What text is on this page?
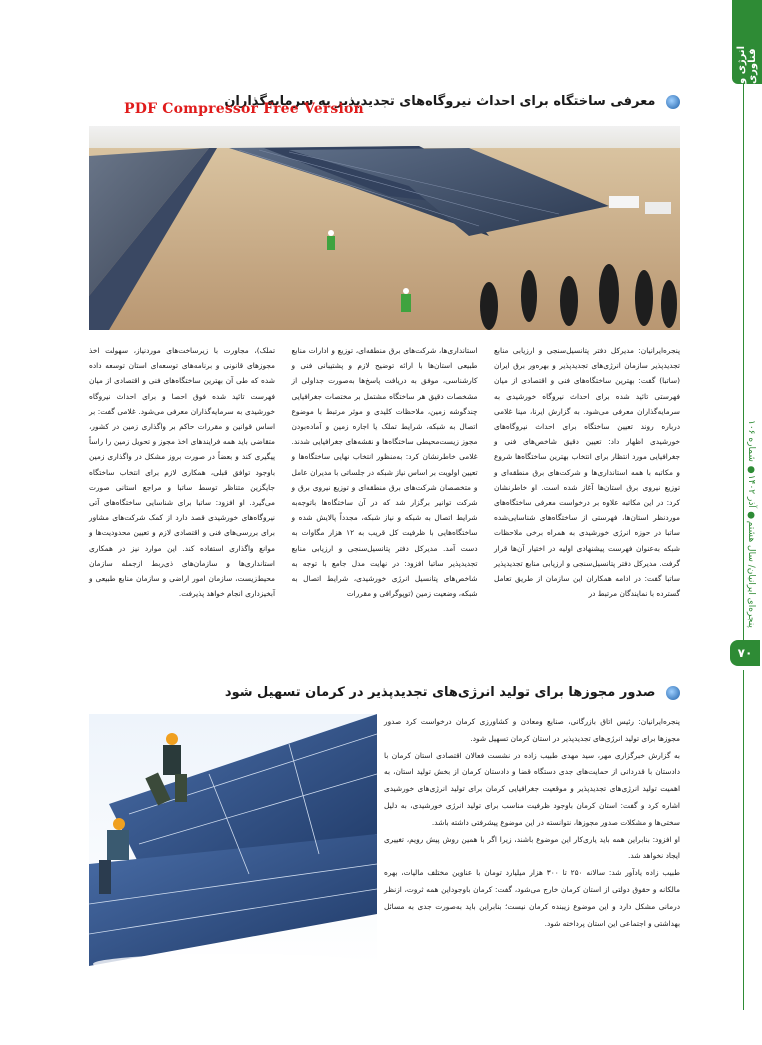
انرژی و فناوری
پنجره‌ای ایرانیان/ سال هشتم● آذر ۱۴۰۲● شماره ۱۰۶
۷۰
معرفی ساختگاه برای احداث نیروگاه‌های تجدیدپذیر به سرمایه‌گذاران
PDF Compressor Free Version

پنجره‌ایرانیان: مدیرکل دفتر پتانسیل‌سنجی و ارزیابی منابع تجدیدپذیر سازمان انرژی‌های تجدیدپذیر و بهره‌ور برق ایران (ساتبا) گفت: بهترین ساختگاه‌های فنی و اقتصادی از میان فهرستی تائید شده برای احداث نیروگاه خورشیدی به سرمایه‌گذاران معرفی می‌شود. به گزارش ایرنا، مینا غلامی درباره روند تعیین ساختگاه برای احداث نیروگاه‌های خورشیدی اظهار داد: تعیین دقیق شاخص‌های فنی و جغرافیایی مورد انتظار برای انتخاب بهترین ساختگاه‌ها شروع و مکاتبه با همه استانداری‌ها و شرکت‌های برق منطقه‌ای و توزیع نیروی برق استان‌ها آغاز شده است. او خاطرنشان کرد: در این مکاتبه علاوه بر درخواست معرفی ساختگاه‌های موردنظر استان‌ها، فهرستی از ساختگاه‌های شناسایی‌شده ساتبا در حوزه انرژی خورشیدی به همراه برخی ملاحظات شبکه به‌عنوان فهرست پیشنهادی اولیه در اختیار آن‌ها قرار گرفت. مدیرکل دفتر پتانسیل‌سنجی و ارزیابی منابع تجدیدپذیر ساتبا گفت: در ادامه همکاران این سازمان از طریق تعامل گسترده با نمایندگان مرتبط در

استانداری‌ها، شرکت‌های برق منطقه‌ای، توزیع و ادارات منابع طبیعی استان‌ها با ارائه توضیح لازم و پشتیبانی فنی و کارشناسی، موفق به دریافت پاسخ‌ها به‌صورت جداولی از مشخصات دقیق هر ساختگاه مشتمل بر مختصات جغرافیایی چندگوشه زمین، ملاحظات کلیدی و موثر مرتبط با موضوع اتصال به شبکه، شرایط تملک یا اجاره زمین و آماده‌بودن مجوز زیست‌محیطی ساختگاه‌ها و نقشه‌های جغرافیایی شدند. غلامی خاطرنشان کرد: به‌منظور انتخاب نهایی ساختگاه‌ها و تعیین اولویت بر اساس نیاز شبکه در جلساتی با مدیران عامل و متخصصان شرکت‌های برق منطقه‌ای و توزیع نیروی برق و شرکت توانیر برگزار شد که در آن ساختگاه‌ها باتوجه‌به شرایط اتصال به شبکه و نیاز شبکه، مجدداً پالایش شده و ساختگاه‌هایی با ظرفیت کل قریب به ۱۲ هزار مگاوات به دست آمد. مدیرکل دفتر پتانسیل‌سنجی و ارزیابی منابع تجدیدپذیر ساتبا افزود: در نهایت مدل جامع با توجه به شاخص‌های پتانسیل انرژی خورشیدی، شرایط اتصال به شبکه، وضعیت زمین (توپوگرافی و مقررات

تملک)، مجاورت با زیرساخت‌های موردنیاز، سهولت اخذ مجوزهای قانونی و برنامه‌های توسعه‌ای استان توسعه داده شده که طی آن بهترین ساختگاه‌های فنی و اقتصادی از میان فهرست تائید شده فوق احصا و برای احداث نیروگاه خورشیدی به سرمایه‌گذاران معرفی می‌شود. غلامی گفت: بر اساس قوانین و مقررات حاکم بر واگذاری زمین در کشور، متقاضی باید همه فرایندهای اخذ مجوز و تحویل زمین را راساً پیگیری کند و بعضاً در صورت بروز مشکل در واگذاری زمین باوجود توافق قبلی، همکاری لازم برای انتخاب ساختگاه جایگزین متناظر توسط ساتبا و مراجع استانی صورت می‌گیرد. او افزود: ساتبا برای شناسایی ساختگاه‌های آتی نیروگاه‌های خورشیدی قصد دارد از کمک شرکت‌های مشاور برای بررسی‌های فنی و اقتصادی لازم و تعیین محدودیت‌ها و موانع واگذاری استفاده کند. این موارد نیز در همکاری استانداری‌ها و سازمان‌های ذی‌ربط ازجمله سازمان محیط‌زیست، سازمان امور اراضی و سازمان منابع طبیعی و آبخیزداری انجام خواهد پذیرفت.

صدور مجوزها برای تولید انرژی‌های تجدیدپذیر در کرمان تسهیل شود

پنجره‌ایرانیان: رئیس اتاق بازرگانی، صنایع ومعادن و کشاورزی کرمان درخواست کرد صدور مجوزها برای تولید انرژی‌های تجدیدپذیر در استان کرمان تسهیل شود.

به گزارش خبرگزاری مهر، سید مهدی طبیب زاده در نشست فعالان اقتصادی استان کرمان با دادستان با قدردانی از حمایت‌های جدی دستگاه قضا و دادستان کرمان از بخش تولید استان، به اهمیت تولید انرژی‌های تجدیدپذیر و موقعیت جغرافیایی کرمان برای تولید انرژی‌های خورشیدی اشاره کرد و گفت: استان کرمان باوجود ظرفیت مناسب برای تولید انرژی خورشیدی، به دلیل سختی‌ها و مشکلات صدور مجوزها، نتوانسته در این موضوع پیشرفتی داشته باشد.

او افزود: بنابراین همه باید یاری‌کار این موضوع باشند، زیرا اگر با همین روش پیش رویم، تغییری ایجاد نخواهد شد.

طبیب زاده یادآور شد: سالانه ۲۵۰ تا ۳۰۰ هزار میلیارد تومان با عناوین مختلف مالیات، بهره مالکانه و حقوق دولتی از استان کرمان خارج می‌شود، گفت: کرمان باوجوداین همه ثروت، ازنظر درمانی مشکل دارد و این موضوع زیبنده کرمان نیست؛ بنابراین باید به‌صورت جدی به مسائل بهداشتی و اجتماعی این استان پرداخته شود.
